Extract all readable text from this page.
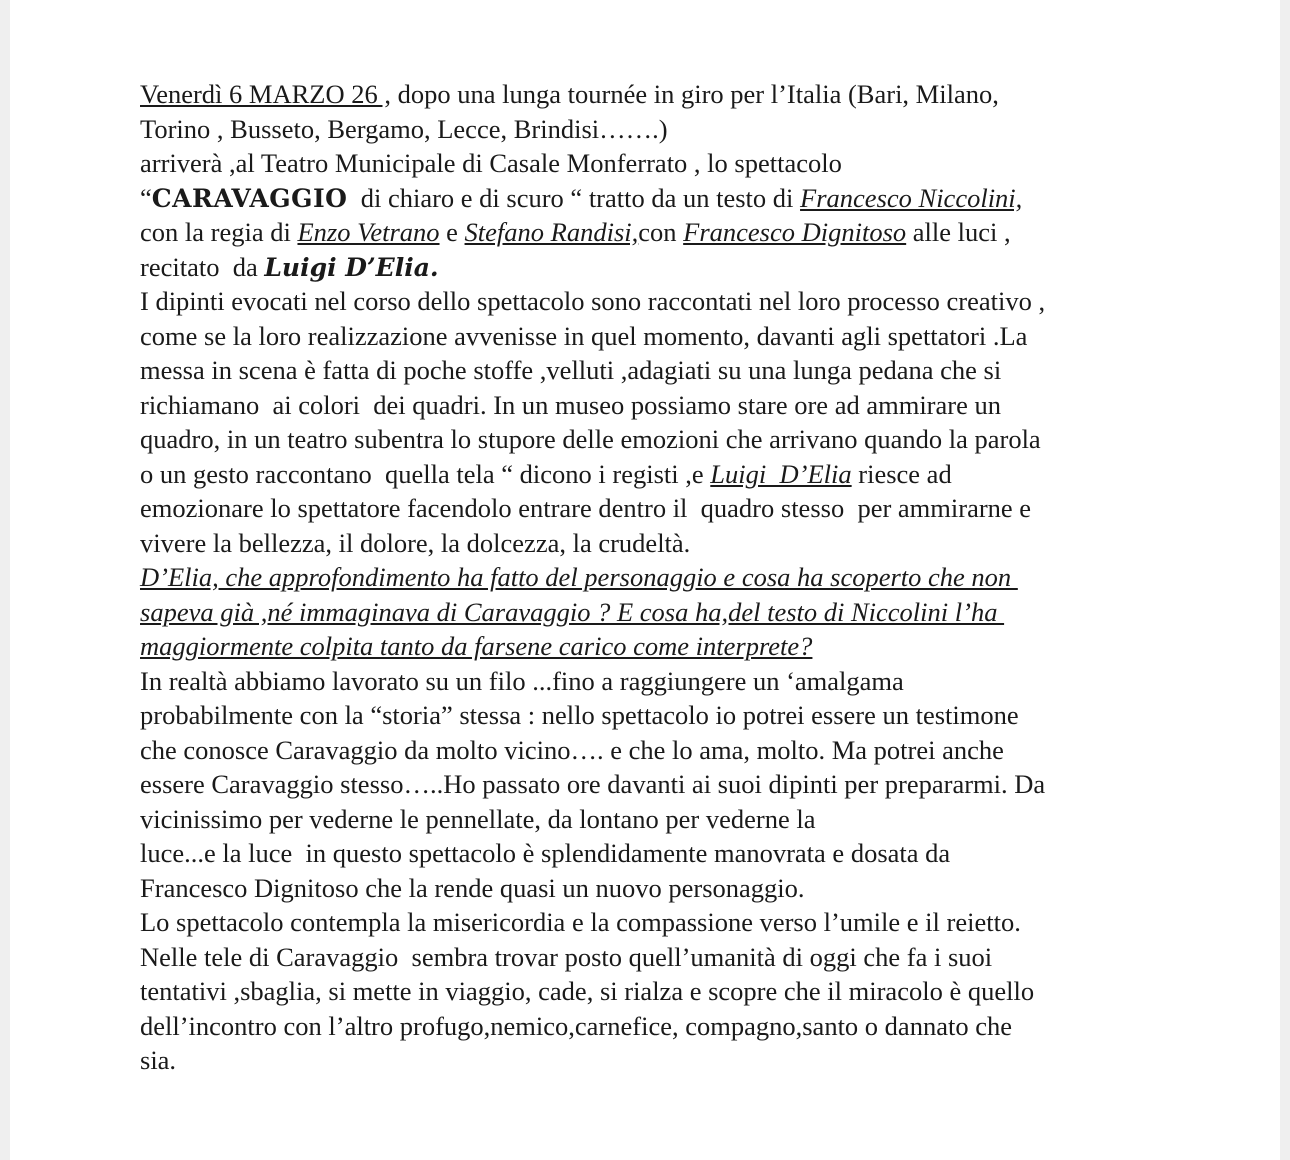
Venerdì 6 MARZO 26 , dopo una lunga tournée in giro per l’Italia (Bari, Milano,
Torino , Busseto, Bergamo, Lecce, Brindisi…….)
arriverà ,al Teatro Municipale di Casale Monferrato , lo spettacolo
“CARAVAGGIO  di chiaro e di scuro “ tratto da un testo di Francesco Niccolini,
con la regia di Enzo Vetrano e Stefano Randisi,con Francesco Dignitoso alle luci ,
recitato  da Luigi D’Elia.
I dipinti evocati nel corso dello spettacolo sono raccontati nel loro processo creativo ,
come se la loro realizzazione avvenisse in quel momento, davanti agli spettatori .La
messa in scena è fatta di poche stoffe ,velluti ,adagiati su una lunga pedana che si
richiamano  ai colori  dei quadri. In un museo possiamo stare ore ad ammirare un
quadro, in un teatro subentra lo stupore delle emozioni che arrivano quando la parola
o un gesto raccontano  quella tela “ dicono i registi ,e Luigi  D’Elia riesce ad
emozionare lo spettatore facendolo entrare dentro il  quadro stesso  per ammirarne e
vivere la bellezza, il dolore, la dolcezza, la crudeltà.
D’Elia, che approfondimento ha fatto del personaggio e cosa ha scoperto che non
sapeva già ,né immaginava di Caravaggio ? E cosa ha,del testo di Niccolini l’ha
maggiormente colpita tanto da farsene carico come interprete?
In realtà abbiamo lavorato su un filo ...fino a raggiungere un ‘amalgama
probabilmente con la “storia” stessa : nello spettacolo io potrei essere un testimone
che conosce Caravaggio da molto vicino…. e che lo ama, molto. Ma potrei anche
essere Caravaggio stesso…..Ho passato ore davanti ai suoi dipinti per prepararmi. Da
vicinissimo per vederne le pennellate, da lontano per vederne la
luce...e la luce  in questo spettacolo è splendidamente manovrata e dosata da
Francesco Dignitoso che la rende quasi un nuovo personaggio.
Lo spettacolo contempla la misericordia e la compassione verso l’umile e il reietto.
Nelle tele di Caravaggio  sembra trovar posto quell’umanità di oggi che fa i suoi
tentativi ,sbaglia, si mette in viaggio, cade, si rialza e scopre che il miracolo è quello
dell’incontro con l’altro profugo,nemico,carnefice, compagno,santo o dannato che
sia.
